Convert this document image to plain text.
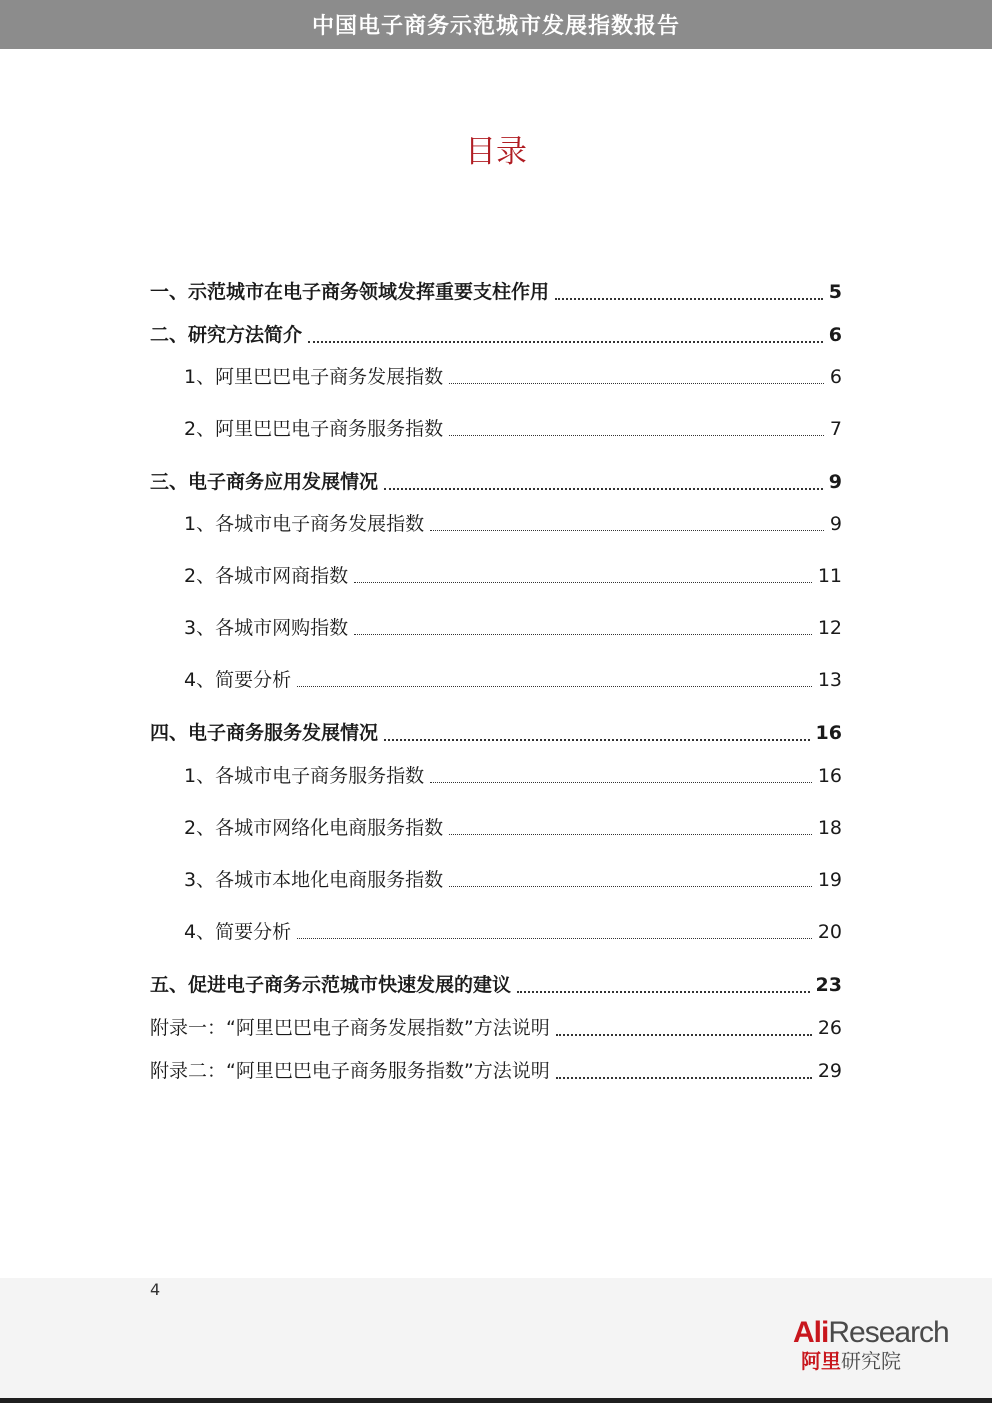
中国电子商务示范城市发展指数报告
目录
一、示范城市在电子商务领域发挥重要支柱作用	5
二、研究方法简介	6
1、阿里巴巴电子商务发展指数	6
2、阿里巴巴电子商务服务指数	7
三、电子商务应用发展情况	9
1、各城市电子商务发展指数	9
2、各城市网商指数	11
3、各城市网购指数	12
4、简要分析	13
四、电子商务服务发展情况	16
1、各城市电子商务服务指数	16
2、各城市网络化电商服务指数	18
3、各城市本地化电商服务指数	19
4、简要分析	20
五、促进电子商务示范城市快速发展的建议	23
附录一：“阿里巴巴电子商务发展指数”方法说明	26
附录二：“阿里巴巴电子商务服务指数”方法说明	29
4
AliResearch
阿里研究院
